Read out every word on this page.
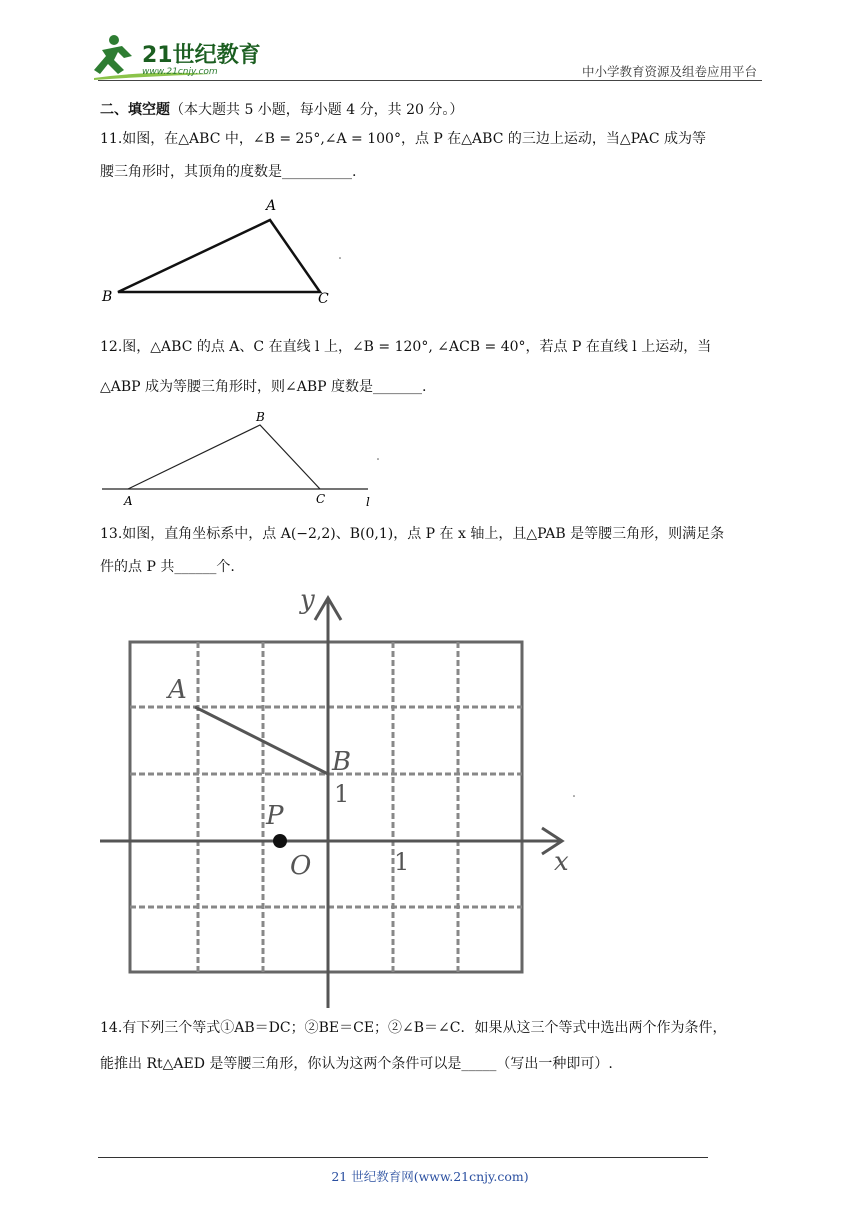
21世纪教育
www.21cnjy.com	中小学教育资源及组卷应用平台
二、填空题（本大题共 5 小题，每小题 4 分，共 20 分。）
11.如图，在△ABC 中，∠B = 25°,∠A = 100°，点 P 在△ABC 的三边上运动，当△PAC 成为等
腰三角形时，其顶角的度数是__________.
A
B	C
12.图，△ABC 的点 A、C 在直线 l 上，∠B = 120°, ∠ACB = 40°，若点 P 在直线 l 上运动，当
△ABP 成为等腰三角形时，则∠ABP 度数是_______.
B
A	C	l
13.如图，直角坐标系中，点 A(−2,2)、B(0,1)，点 P 在 x 轴上，且△PAB 是等腰三角形，则满足条
件的点 P 共______个.
y
x
A
B
P
O
1
1
14.有下列三个等式①AB＝DC；②BE＝CE；②∠B＝∠C．如果从这三个等式中选出两个作为条件，
能推出 Rt△AED 是等腰三角形，你认为这两个条件可以是_____（写出一种即可）.
21 世纪教育网(www.21cnjy.com)
